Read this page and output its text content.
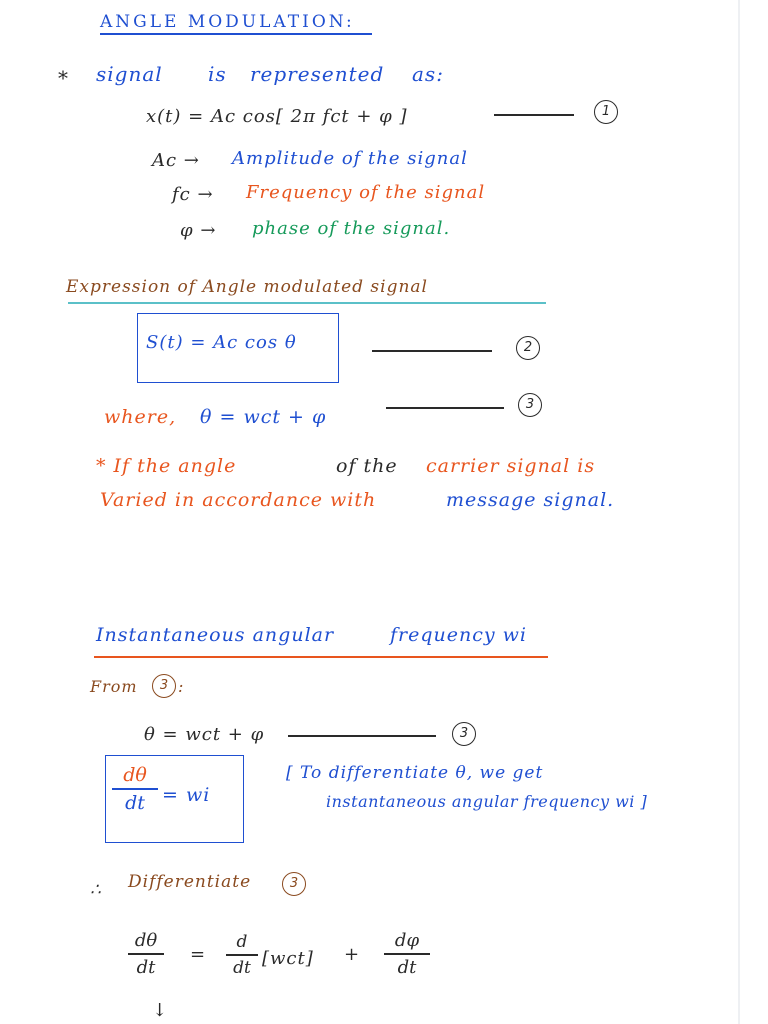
ANGLE MODULATION:
* signal is represented as:
x(t) = Ac cos[ 2π fct + φ ]	1
Ac → Amplitude of the signal
fc → Frequency of the signal
φ → phase of the signal.
Expression of Angle modulated signal
S(t) = Ac cos θ	2
where, θ = wct + φ
3
* If the angle	of the carrier signal is
Varied in accordance with	message signal.
Instantaneous angular	frequency wi
From	3 :
θ = wct + φ	3
dθ
dt = wi
[ To differentiate θ, we get
instantaneous angular frequency wi ]
∴ Differentiate	3
dθ
dt
=
d
dt [wct] +
dφ
dt
↓
